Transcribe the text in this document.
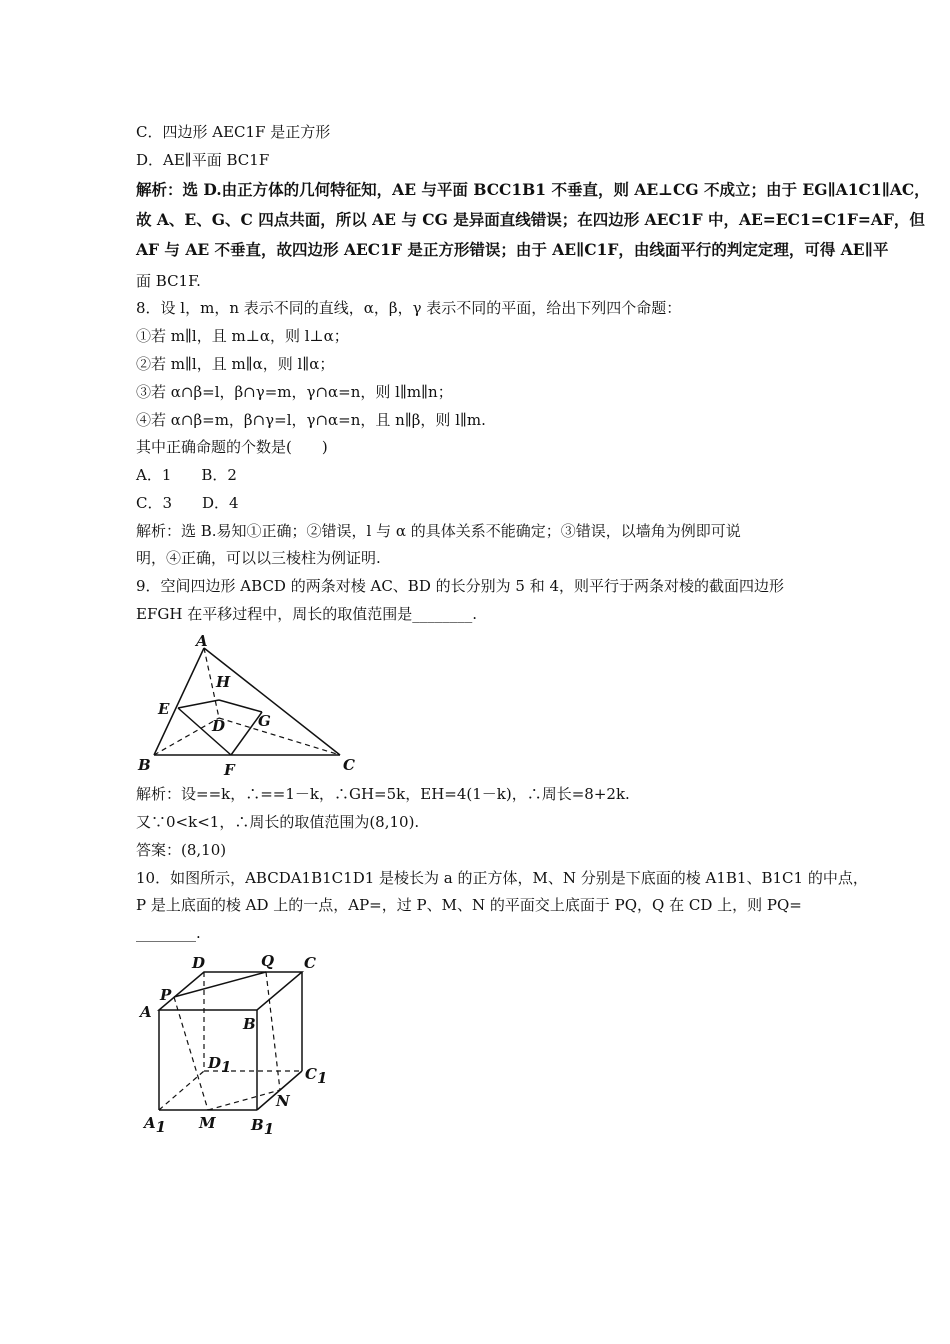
C．四边形 AEC1F 是正方形
D．AE∥平面 BC1F
解析：选 D.由正方体的几何特征知，AE 与平面 BCC1B1 不垂直，则 AE⊥CG 不成立；由于 EG∥A1C1∥AC，
故 A、E、G、C 四点共面，所以 AE 与 CG 是异面直线错误；在四边形 AEC1F 中，AE=EC1=C1F=AF，但
AF 与 AE 不垂直，故四边形 AEC1F 是正方形错误；由于 AE∥C1F，由线面平行的判定定理，可得 AE∥平
面 BC1F.
8．设 l，m，n 表示不同的直线，α，β，γ 表示不同的平面，给出下列四个命题：
①若 m∥l，且 m⊥α，则 l⊥α；
②若 m∥l，且 m∥α，则 l∥α；
③若 α∩β=l，β∩γ=m，γ∩α=n，则 l∥m∥n；
④若 α∩β=m，β∩γ=l，γ∩α=n，且 n∥β，则 l∥m.
其中正确命题的个数是(　　)
A．1　　B．2
C．3　　D．4
解析：选 B.易知①正确；②错误，l 与 α 的具体关系不能确定；③错误，以墙角为例即可说
明，④正确，可以以三棱柱为例证明.
9．空间四边形 ABCD 的两条对棱 AC、BD 的长分别为 5 和 4，则平行于两条对棱的截面四边形
EFGH 在平移过程中，周长的取值范围是________.
A
B	C
D
E
F
G
H
解析：设==k，∴==1－k，∴GH=5k，EH=4(1－k)，∴周长=8+2k.
又∵0<k<1，∴周长的取值范围为(8,10).
答案：(8,10)
10．如图所示，ABCDA1B1C1D1 是棱长为 a 的正方体，M、N 分别是下底面的棱 A1B1、B1C1 的中点，
P 是上底面的棱 AD 上的一点，AP=，过 P、M、N 的平面交上底面于 PQ，Q 在 CD 上，则 PQ=
________.
D	Q C
P
A
B
D1	C1
N
A1 M B1
